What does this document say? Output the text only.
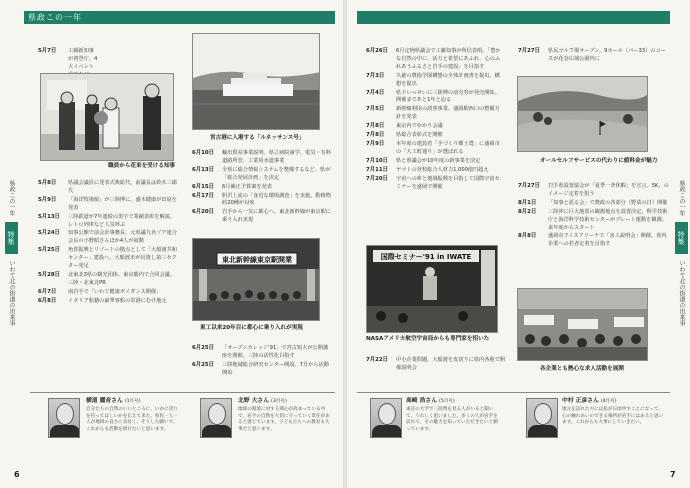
県政この一年
県政この一年
特集
いわて北の街道の出来事
県政この一年
特集
いわて北の街道の出来事
5月7日	工藤新知事が初登庁。4大イベント
職員から花束を受ける知事
5月8日	県議会議員に発表式典総代。前議長は鈴木三郎氏
5月9日	「海洋牧場船」が三陸博に、盛木健康が出展を発表
5月13日	三陸鉄道が7年連続の黒字で業績表彰を解説。レトロ列車など人気呼ぶ
5月24日	知事公館で前会計事務長、元県議九名ゾア連合会長の小野昭さんほか4人が叙勲
5月25日	角倉振興とリゾートの拠点として「大船渡共和センター」建設へ。大船渡市が出資し第三セクター発足
5月28日	北東北3県の観光団体、東京都内で合同会議。三陸・北東北PR
6月7日	南岩手で「いわて健康ボイダンス開催」
6月8日	イタリア船籍の豪華客船の寄港にむけ地元
宮古港に入港する「ルネッサンス号」
6月10日	輸出貿易事業説明。県立病院歯学、電気・有料道路所管、工業用水道事業
6月13日	全県に総合情報システムを整備するなど、県が「総合発展計画」を決定
6月15日	6月補正予算案を発表
6月17日	胆沢上流の「身近な環境調査」を実施。動植物約20種が対象
6月20日	岩手から一気に都心へ。東北新幹線が東京駅に乗り入れ実現
東北新幹線東京駅開業
東工以来20年目に都心に乗り入れが実現
6月25日	「オープンカレッジ'91」で宮古短大が公開講座を開催。三陸の活性化目指す
6月25日	三陸地域総合研究センター開設。7月から活動開始
6月26日	6月定例県議会で工藤知事が所信表明。「豊かな自然の中に、活力と希望にあふれ、心のふれあうふるさと岩手の建設」を目指す
7月3日	久慈の農協学園構想の全体計画書を提出。構想を提出
7月4日	県下いっせいに三陸博の前売券が発売開始。開催まであと1年と迫る
7月5日	新幹線利用の誘客事業、盛岡駅西口の整備方針を発表
7月8日	東京内でゆかり会議
7月8日	県総合表彰式を開催
7月9日	本年度の建設省「手づくり郷土賞」に盛岡市の「大工町通り」が選ばれる
7月10日	県と県議会が10年度の新事業を決定
7月11日	ヤマトの登校総合人材力1,000億円超え
7月20日	宇宙への夢と地域振興を目指して国際宇宙セミナーを盛岡で開催
国際セミナー'91 in IWATE
NASAアメリカ航空宇宙局からも専門家を招いた
7月22日	中小企業問題、大船渡を皮切りに県内各地で開催説明会
7月27日	県民ゴルフ場オープン。9ホール（パー33）のコースが花巻広域公園内に
オールセルフサービスの代わりに値料金が魅力
7月27日	岩手県設置協会が「夏季一斉休暇」を宣言。5K、のイメージ定着を狙う
8月1日	「知事と語る会」で農政の各部分（野菜の日）開催
8月2日	三陸沖に巨大地震の観測地点を設置決定。科学技術庁と海洋科学技術センターがプレート運動を観測。来年度からスタート
8月8日	盛岡市アイスアリーナで「求人説明会」開催。県内企業への若者定着を目指す
各企業とも熱心な求人活動を展開
横道 麗音さん (1月号)
自分たちの自然のいいところに、いかに誇りを持ってほしいかを伝えて来た。県民一人一人が地域の良さに気付く、そうした願いで、これからも活動を続けたいと思います。
北野 大さん (3月号)
地球の環境に対する関心が高まっている中で、岩手の自然を大切に守っていく責任があると感じています。子どもたちへの教育も大事だと思います。
高崎 浩さん (5月号)
東京の大学で三陸博を見る人がいると聞いて、うれしく思いました。多くの人が岩手を訪れて、その魅力を知っていただきたいと願っています。
中村 正彦さん (4月号)
地元を訪れた方には私が日頃申すことになって、心の触れあいのできる場所が岩手にはあると思います。これからも大事にしていきたい。
6	7
